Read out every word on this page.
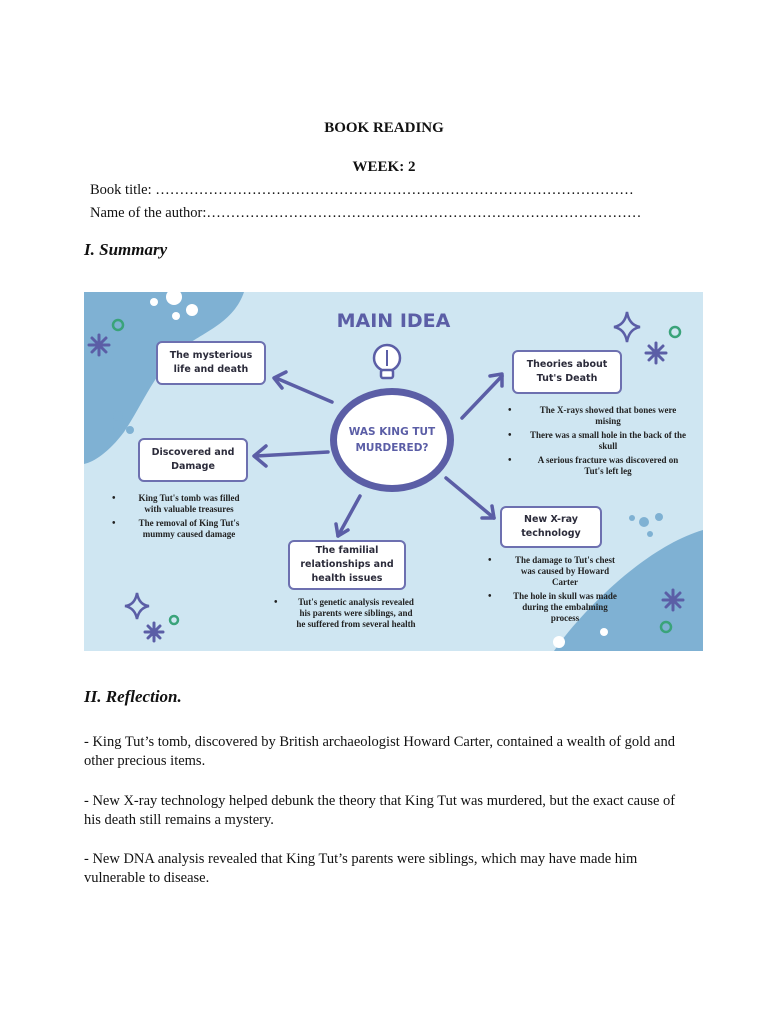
BOOK READING
WEEK: 2
Book title: ………………………………………………………………………………………
Name of the author:………………………………………………………………………………
I. Summary
MAIN IDEA
WAS KING TUT MURDERED?
The mysterious life and death	Theories about Tut's Death
• The X-rays showed that bones were mising
• There was a small hole in the back of the skull
• A serious fracture was discovered on Tut's left leg
Discovered and Damage
• King Tut's tomb was filled with valuable treasures
• The removal of King Tut's mummy caused damage
New X-ray technology
• The damage to Tut's chest was caused by Howard Carter
• The hole in skull was made during the embalming process
The familial relationships and health issues
• Tut's genetic analysis revealed his parents were siblings, and he suffered from several health
II. Reflection.
- King Tut’s tomb, discovered by British archaeologist Howard Carter, contained a wealth of gold and other precious items.
- New X-ray technology helped debunk the theory that King Tut was murdered, but the exact cause of his death still remains a mystery.
- New DNA analysis revealed that King Tut’s parents were siblings, which may have made him vulnerable to disease.
